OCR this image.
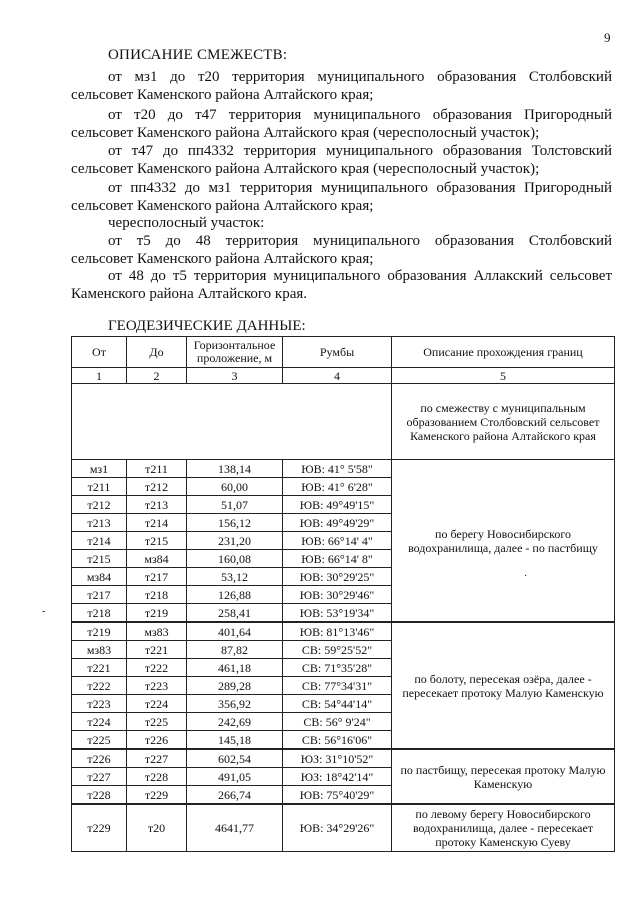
9
ОПИСАНИЕ СМЕЖЕСТВ:
от мз1 до т20 территория муниципального образования Столбовский
сельсовет Каменского района Алтайского края;
от т20 до т47 территория муниципального образования Пригородный
сельсовет Каменского района Алтайского края (чересполосный участок);
от т47 до пп4332 территория муниципального образования Толстовский
сельсовет Каменского района Алтайского края (чересполосный участок);
от пп4332 до мз1 территория муниципального образования Пригородный
сельсовет Каменского района Алтайского края;
чересполосный участок:
от т5 до 48 территория муниципального образования Столбовский
сельсовет Каменского района Алтайского края;
от 48 до т5 территория муниципального образования Аллакский сельсовет
Каменского района Алтайского края.
ГЕОДЕЗИЧЕСКИЕ ДАННЫЕ:
От	До	Горизонтальное проложение, м	Румбы	Описание прохождения границ
1	2	3	4	5
				по смежеству с муниципальным образованием Столбовский сельсовет Каменского района Алтайского края
мз1	т211	138,14	ЮВ: 41° 5'58"	по берегу Новосибирского водохранилища, далее - по пастбищу
т211	т212	60,00	ЮВ: 41° 6'28"	
т212	т213	51,07	ЮВ: 49°49'15"	
т213	т214	156,12	ЮВ: 49°49'29"	
т214	т215	231,20	ЮВ: 66°14' 4"	
т215	мз84	160,08	ЮВ: 66°14' 8"	
мз84	т217	53,12	ЮВ: 30°29'25"	
т217	т218	126,88	ЮВ: 30°29'46"	
т218	т219	258,41	ЮВ: 53°19'34"	
т219	мз83	401,64	ЮВ: 81°13'46"	по болоту, пересекая озёра, далее - пересекает протоку Малую Каменскую
мз83	т221	87,82	СВ: 59°25'52"	
т221	т222	461,18	СВ: 71°35'28"	
т222	т223	289,28	СВ: 77°34'31"	
т223	т224	356,92	СВ: 54°44'14"	
т224	т225	242,69	СВ: 56° 9'24"	
т225	т226	145,18	СВ: 56°16'06"	
т226	т227	602,54	ЮЗ: 31°10'52"	по пастбищу, пересекая протоку Малую Каменскую
т227	т228	491,05	ЮЗ: 18°42'14"	
т228	т229	266,74	ЮВ: 75°40'29"	
т229	т20	4641,77	ЮВ: 34°29'26"	по левому берегу Новосибирского водохранилища, далее - пересекает протоку Каменскую Суеву
·
-
